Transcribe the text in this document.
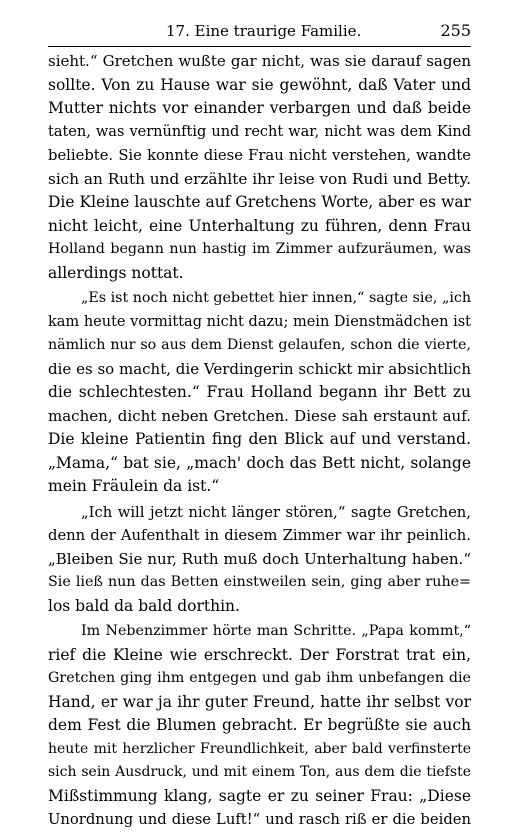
17. Eine traurige Familie.	255
sieht.“ Gretchen wußte gar nicht, was sie darauf sagen
sollte. Von zu Hause war sie gewöhnt, daß Vater und
Mutter nichts vor einander verbargen und daß beide
taten, was vernünftig und recht war, nicht was dem Kind
beliebte. Sie konnte diese Frau nicht verstehen, wandte
sich an Ruth und erzählte ihr leise von Rudi und Betty.
Die Kleine lauschte auf Gretchens Worte, aber es war
nicht leicht, eine Unterhaltung zu führen, denn Frau
Holland begann nun hastig im Zimmer aufzuräumen, was
allerdings nottat.
„Es ist noch nicht gebettet hier innen,“ sagte sie, „ich
kam heute vormittag nicht dazu; mein Dienstmädchen ist
nämlich nur so aus dem Dienst gelaufen, schon die vierte,
die es so macht, die Verdingerin schickt mir absichtlich
die schlechtesten.“ Frau Holland begann ihr Bett zu
machen, dicht neben Gretchen. Diese sah erstaunt auf.
Die kleine Patientin fing den Blick auf und verstand.
„Mama,“ bat sie, „mach' doch das Bett nicht, solange
mein Fräulein da ist.“
„Ich will jetzt nicht länger stören,“ sagte Gretchen,
denn der Aufenthalt in diesem Zimmer war ihr peinlich.
„Bleiben Sie nur, Ruth muß doch Unterhaltung haben.“
Sie ließ nun das Betten einstweilen sein, ging aber ruhe=
los bald da bald dorthin.
Im Nebenzimmer hörte man Schritte. „Papa kommt,“
rief die Kleine wie erschreckt. Der Forstrat trat ein,
Gretchen ging ihm entgegen und gab ihm unbefangen die
Hand, er war ja ihr guter Freund, hatte ihr selbst vor
dem Fest die Blumen gebracht. Er begrüßte sie auch
heute mit herzlicher Freundlichkeit, aber bald verfinsterte
sich sein Ausdruck, und mit einem Ton, aus dem die tiefste
Mißstimmung klang, sagte er zu seiner Frau: „Diese
Unordnung und diese Luft!“ und rasch riß er die beiden
